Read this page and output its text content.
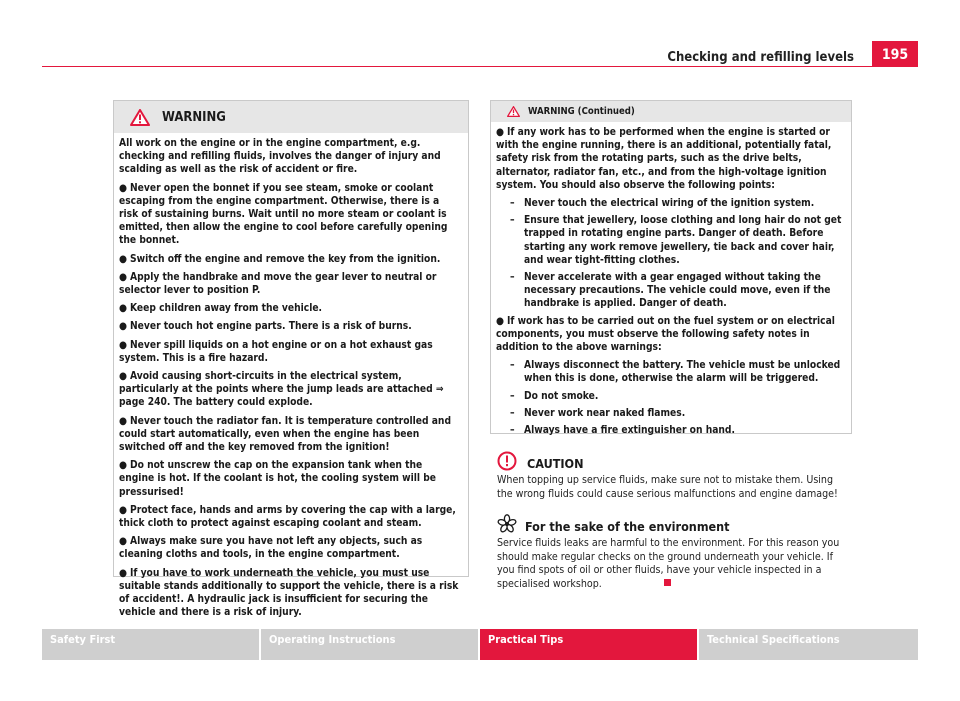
Checking and refilling levels	195
WARNING

All work on the engine or in the engine compartment, e.g. checking and refilling fluids, involves the danger of injury and scalding as well as the risk of accident or fire.

● Never open the bonnet if you see steam, smoke or coolant escaping from the engine compartment. Otherwise, there is a risk of sustaining burns. Wait until no more steam or coolant is emitted, then allow the engine to cool before carefully opening the bonnet.
● Switch off the engine and remove the key from the ignition.
● Apply the handbrake and move the gear lever to neutral or selector lever to position P.
● Keep children away from the vehicle.
● Never touch hot engine parts. There is a risk of burns.
● Never spill liquids on a hot engine or on a hot exhaust gas system. This is a fire hazard.
● Avoid causing short-circuits in the electrical system, particularly at the points where the jump leads are attached ⇒ page 240. The battery could explode.
● Never touch the radiator fan. It is temperature controlled and could start automatically, even when the engine has been switched off and the key removed from the ignition!
● Do not unscrew the cap on the expansion tank when the engine is hot. If the coolant is hot, the cooling system will be pressurised!
● Protect face, hands and arms by covering the cap with a large, thick cloth to protect against escaping coolant and steam.
● Always make sure you have not left any objects, such as cleaning cloths and tools, in the engine compartment.
● If you have to work underneath the vehicle, you must use suitable stands additionally to support the vehicle, there is a risk of accident!. A hydraulic jack is insufficient for securing the vehicle and there is a risk of injury.
WARNING (Continued)
● If any work has to be performed when the engine is started or with the engine running, there is an additional, potentially fatal, safety risk from the rotating parts, such as the drive belts, alternator, radiator fan, etc., and from the high-voltage ignition system. You should also observe the following points:
– Never touch the electrical wiring of the ignition system.
– Ensure that jewellery, loose clothing and long hair do not get trapped in rotating engine parts. Danger of death. Before starting any work remove jewellery, tie back and cover hair, and wear tight-fitting clothes.
– Never accelerate with a gear engaged without taking the necessary precautions. The vehicle could move, even if the handbrake is applied. Danger of death.
● If work has to be carried out on the fuel system or on electrical components, you must observe the following safety notes in addition to the above warnings:
– Always disconnect the battery. The vehicle must be unlocked when this is done, otherwise the alarm will be triggered.
– Do not smoke.
– Never work near naked flames.
– Always have a fire extinguisher on hand.
CAUTION
When topping up service fluids, make sure not to mistake them. Using the wrong fluids could cause serious malfunctions and engine damage!
For the sake of the environment
Service fluids leaks are harmful to the environment. For this reason you should make regular checks on the ground underneath your vehicle. If you find spots of oil or other fluids, have your vehicle inspected in a specialised workshop.
Safety First	Operating Instructions	Practical Tips	Technical Specifications
